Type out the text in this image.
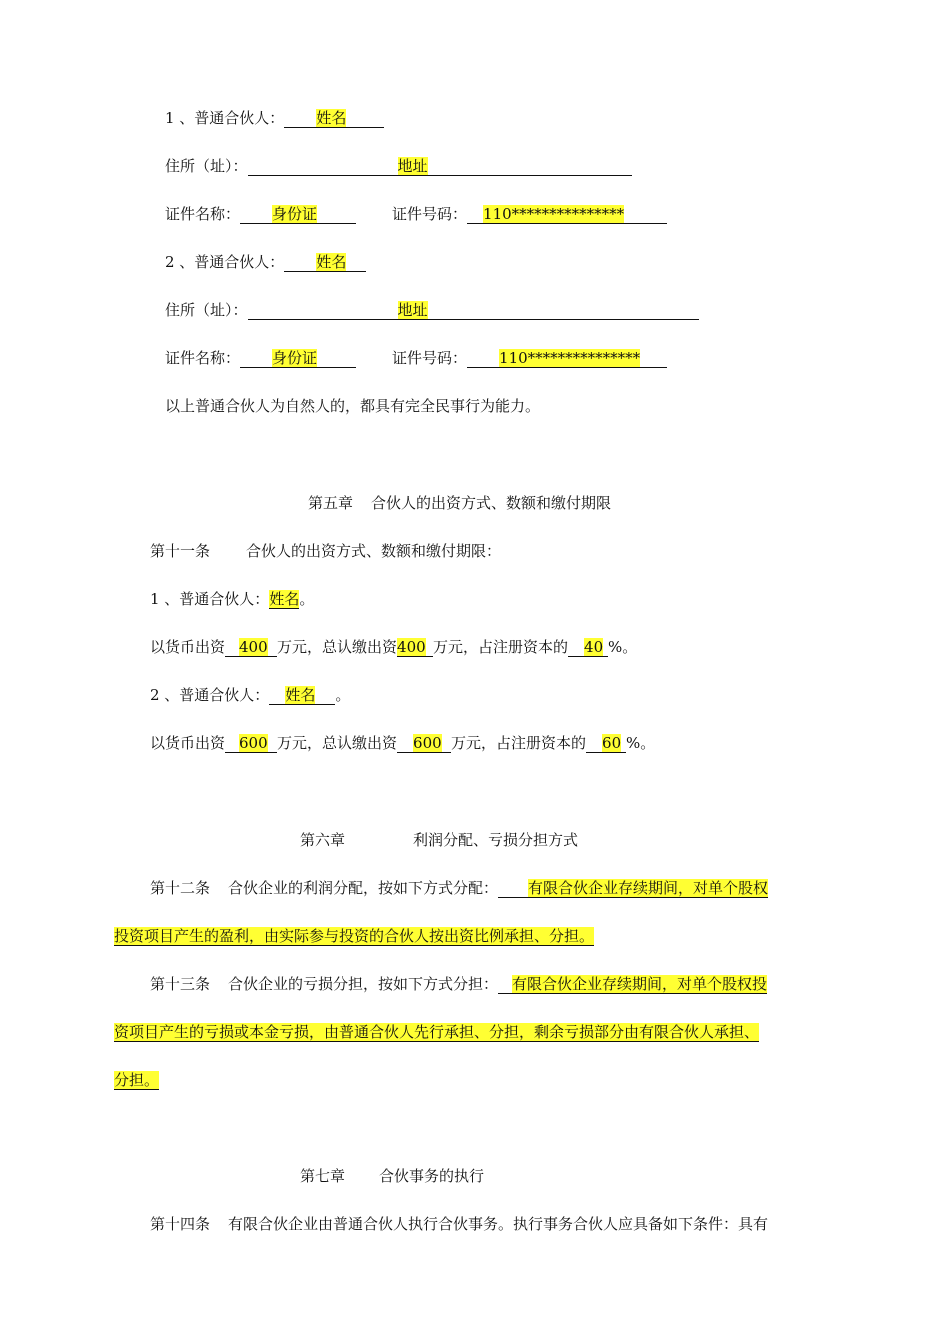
1 、普通合伙人： 姓名
住所（址）：	地址
证件名称： 身份证	证件号码： 110***************
2 、普通合伙人： 姓名
住所（址）：	地址
证件名称： 身份证	证件号码： 110***************
以上普通合伙人为自然人的，都具有完全民事行为能力。
第五章 合伙人的出资方式、数额和缴付期限
第十一条 合伙人的出资方式、数额和缴付期限：
1 、普通合伙人：姓名。
以货币出资 400 万元，总认缴出资400 万元，占注册资本的 40 %。
2 、普通合伙人： 姓名 。
以货币出资 600 万元，总认缴出资 600 万元，占注册资本的 60 %。
第六章	利润分配、亏损分担方式
第十二条 合伙企业的利润分配，按如下方式分配： 有限合伙企业存续期间，对单个股权
投资项目产生的盈利，由实际参与投资的合伙人按出资比例承担、分担。
第十三条 合伙企业的亏损分担，按如下方式分担： 有限合伙企业存续期间，对单个股权投
资项目产生的亏损或本金亏损，由普通合伙人先行承担、分担，剩余亏损部分由有限合伙人承担、
分担。
第七章 合伙事务的执行
第十四条 有限合伙企业由普通合伙人执行合伙事务。执行事务合伙人应具备如下条件：具有
